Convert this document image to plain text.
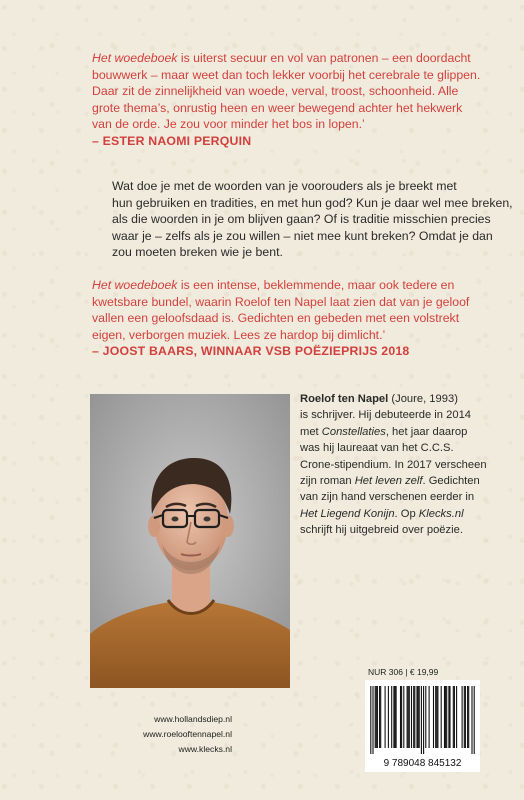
Het woedeboek is uiterst secuur en vol van patronen – een doordacht
bouwwerk – maar weet dan toch lekker voorbij het cerebrale te glippen.
Daar zit de zinnelijkheid van woede, verval, troost, schoonheid. Alle
grote thema’s, onrustig heen en weer bewegend achter het hekwerk
van de orde. Je zou voor minder het bos in lopen.’
– ESTER NAOMI PERQUIN
Wat doe je met de woorden van je voorouders als je breekt met
hun gebruiken en tradities, en met hun god? Kun je daar wel mee breken,
als die woorden in je om blijven gaan? Of is traditie misschien precies
waar je – zelfs als je zou willen – niet mee kunt breken? Omdat je dan
zou moeten breken wie je bent.
Het woedeboek is een intense, beklemmende, maar ook tedere en
kwetsbare bundel, waarin Roelof ten Napel laat zien dat van je geloof
vallen een geloofsdaad is. Gedichten en gebeden met een volstrekt
eigen, verborgen muziek. Lees ze hardop bij dimlicht.’
– JOOST BAARS, WINNAAR VSB POËZIEPRIJS 2018
Roelof ten Napel (Joure, 1993)
is schrijver. Hij debuteerde in 2014
met Constellaties, het jaar daarop
was hij laureaat van het C.C.S.
Crone-stipendium. In 2017 verscheen
zijn roman Het leven zelf. Gedichten
van zijn hand verschenen eerder in
Het Liegend Konijn. Op Klecks.nl
schrijft hij uitgebreid over poëzie.
NUR 306 | € 19,99
9 789048 845132
www.hollandsdiep.nl
www.roelooftennapel.nl
www.klecks.nl
